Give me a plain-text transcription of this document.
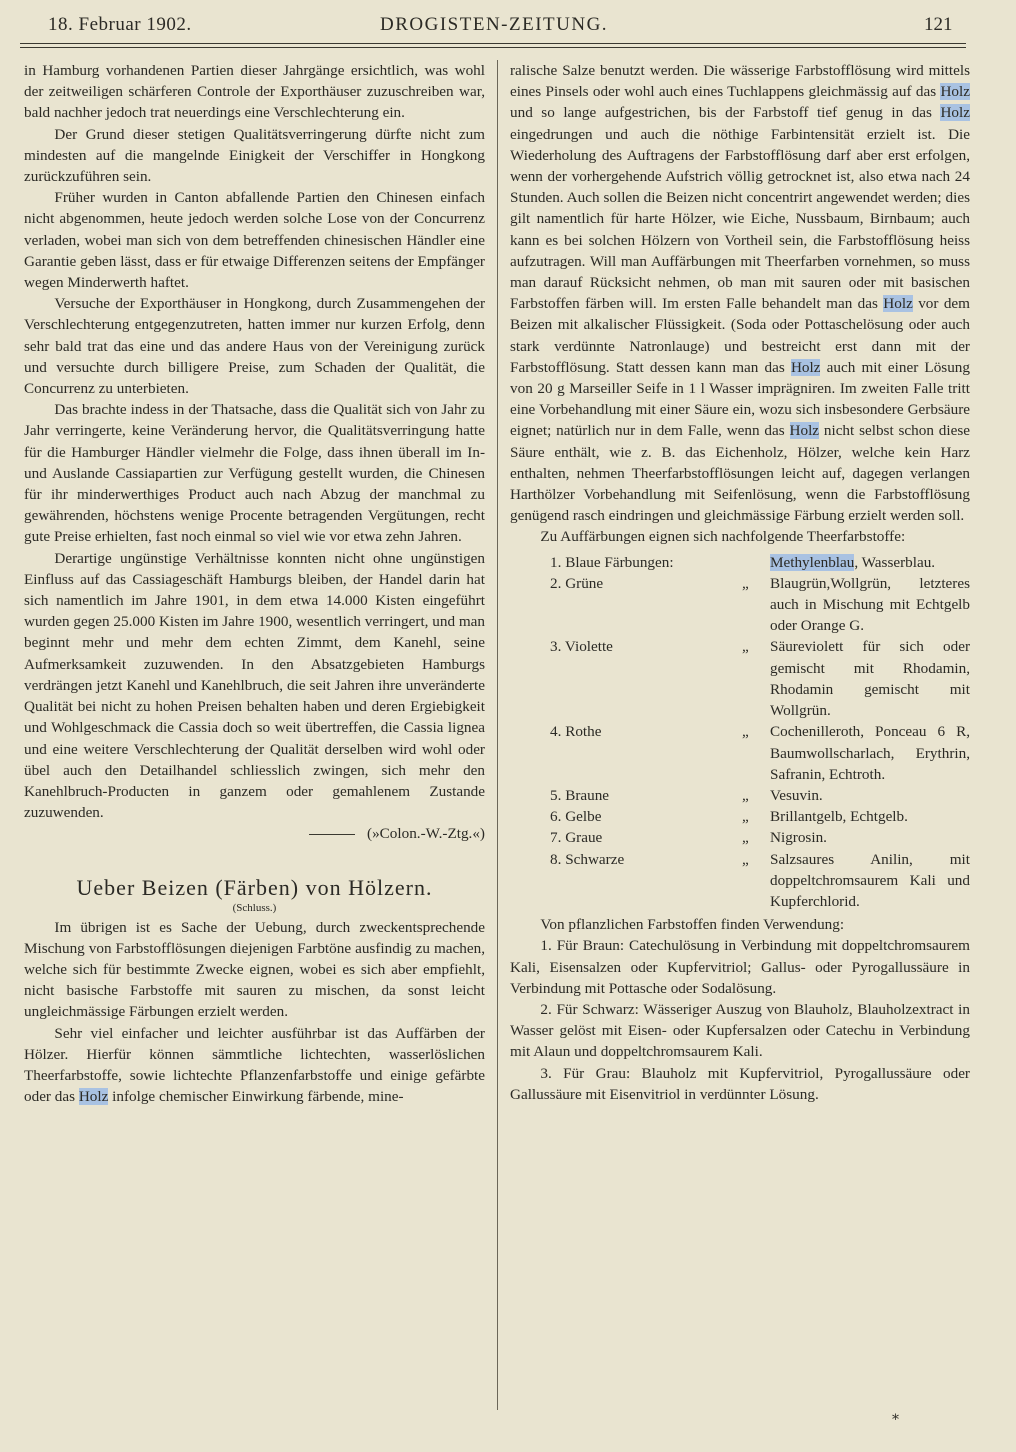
18. Februar 1902.	DROGISTEN-ZEITUNG.	121

in Hamburg vorhandenen Partien dieser Jahrgänge ersichtlich, was wohl der zeitweiligen schärferen Controle der Exporthäuser zuzuschreiben war, bald nachher jedoch trat neuerdings eine Verschlechterung ein.

Der Grund dieser stetigen Qualitätsverringerung dürfte nicht zum mindesten auf die mangelnde Einigkeit der Verschiffer in Hongkong zurückzuführen sein.

Früher wurden in Canton abfallende Partien den Chinesen einfach nicht abgenommen, heute jedoch werden solche Lose von der Concurrenz verladen, wobei man sich von dem betreffenden chinesischen Händler eine Garantie geben lässt, dass er für etwaige Differenzen seitens der Empfänger wegen Minderwerth haftet.

Versuche der Exporthäuser in Hongkong, durch Zusammengehen der Verschlechterung entgegenzutreten, hatten immer nur kurzen Erfolg, denn sehr bald trat das eine und das andere Haus von der Vereinigung zurück und versuchte durch billigere Preise, zum Schaden der Qualität, die Concurrenz zu unterbieten.

Das brachte indess in der Thatsache, dass die Qualität sich von Jahr zu Jahr verringerte, keine Veränderung hervor, die Qualitätsverringung hatte für die Hamburger Händler vielmehr die Folge, dass ihnen überall im In- und Auslande Cassiapartien zur Verfügung gestellt wurden, die Chinesen für ihr minderwerthiges Product auch nach Abzug der manchmal zu gewährenden, höchstens wenige Procente betragenden Vergütungen, recht gute Preise erhielten, fast noch einmal so viel wie vor etwa zehn Jahren.

Derartige ungünstige Verhältnisse konnten nicht ohne ungünstigen Einfluss auf das Cassiageschäft Hamburgs bleiben, der Handel darin hat sich namentlich im Jahre 1901, in dem etwa 14.000 Kisten eingeführt wurden gegen 25.000 Kisten im Jahre 1900, wesentlich verringert, und man beginnt mehr und mehr dem echten Zimmt, dem Kanehl, seine Aufmerksamkeit zuzuwenden. In den Absatzgebieten Hamburgs verdrängen jetzt Kanehl und Kanehlbruch, die seit Jahren ihre unveränderte Qualität bei nicht zu hohen Preisen behalten haben und deren Ergiebigkeit und Wohlgeschmack die Cassia doch so weit übertreffen, die Cassia lignea und eine weitere Verschlechterung der Qualität derselben wird wohl oder übel auch den Detailhandel schliesslich zwingen, sich mehr den Kanehlbruch-Producten in ganzem oder gemahlenem Zustande zuzuwenden.

(»Colon.-W.-Ztg.«)

Ueber Beizen (Färben) von Hölzern.
(Schluss.)

Im übrigen ist es Sache der Uebung, durch zweckentsprechende Mischung von Farbstofflösungen diejenigen Farbtöne ausfindig zu machen, welche sich für bestimmte Zwecke eignen, wobei es sich aber empfiehlt, nicht basische Farbstoffe mit sauren zu mischen, da sonst leicht ungleichmässige Färbungen erzielt werden.

Sehr viel einfacher und leichter ausführbar ist das Auffärben der Hölzer. Hierfür können sämmtliche lichtechten, wasserlöslichen Theerfarbstoffe, sowie lichtechte Pflanzenfarbstoffe und einige gefärbte oder das Holz infolge chemischer Einwirkung färbende, mine-

ralische Salze benutzt werden. Die wässerige Farbstofflösung wird mittels eines Pinsels oder wohl auch eines Tuchlappens gleichmässig auf das Holz und so lange aufgestrichen, bis der Farbstoff tief genug in das Holz eingedrungen und auch die nöthige Farbintensität erzielt ist. Die Wiederholung des Auftragens der Farbstofflösung darf aber erst erfolgen, wenn der vorhergehende Aufstrich völlig getrocknet ist, also etwa nach 24 Stunden. Auch sollen die Beizen nicht concentrirt angewendet werden; dies gilt namentlich für harte Hölzer, wie Eiche, Nussbaum, Birnbaum; auch kann es bei solchen Hölzern von Vortheil sein, die Farbstofflösung heiss aufzutragen. Will man Auffärbungen mit Theerfarben vornehmen, so muss man darauf Rücksicht nehmen, ob man mit sauren oder mit basischen Farbstoffen färben will. Im ersten Falle behandelt man das Holz vor dem Beizen mit alkalischer Flüssigkeit. (Soda oder Pottaschelösung oder auch stark verdünnte Natronlauge) und bestreicht erst dann mit der Farbstofflösung. Statt dessen kann man das Holz auch mit einer Lösung von 20 g Marseiller Seife in 1 l Wasser imprägniren. Im zweiten Falle tritt eine Vorbehandlung mit einer Säure ein, wozu sich insbesondere Gerbsäure eignet; natürlich nur in dem Falle, wenn das Holz nicht selbst schon diese Säure enthält, wie z. B. das Eichenholz, Hölzer, welche kein Harz enthalten, nehmen Theerfarbstofflösungen leicht auf, dagegen verlangen Harthölzer Vorbehandlung mit Seifenlösung, wenn die Farbstofflösung genügend rasch eindringen und gleichmässige Färbung erzielt werden soll.

Zu Auffärbungen eignen sich nachfolgende Theerfarbstoffe:

1. Blaue Färbungen:	Methylenblau, Wasserblau.
2. Grüne	„	Blaugrün,Wollgrün, letzteres auch in Mischung mit Echtgelb oder Orange G.
3. Violette	„	Säureviolett für sich oder gemischt mit Rhodamin, Rhodamin gemischt mit Wollgrün.
4. Rothe	„	Cochenilleroth, Ponceau 6 R, Baumwollscharlach, Erythrin, Safranin, Echtroth.
5. Braune	„	Vesuvin.
6. Gelbe	„	Brillantgelb, Echtgelb.
7. Graue	„	Nigrosin.
8. Schwarze	„	Salzsaures Anilin, mit doppeltchromsaurem Kali und Kupferchlorid.

Von pflanzlichen Farbstoffen finden Verwendung:

1. Für Braun: Catechulösung in Verbindung mit doppeltchromsaurem Kali, Eisensalzen oder Kupfervitriol; Gallus- oder Pyrogallussäure in Verbindung mit Pottasche oder Sodalösung.

2. Für Schwarz: Wässeriger Auszug von Blauholz, Blauholzextract in Wasser gelöst mit Eisen- oder Kupfersalzen oder Catechu in Verbindung mit Alaun und doppeltchromsaurem Kali.

3. Für Grau: Blauholz mit Kupfervitriol, Pyrogallussäure oder Gallussäure mit Eisenvitriol in verdünnter Lösung.

*
